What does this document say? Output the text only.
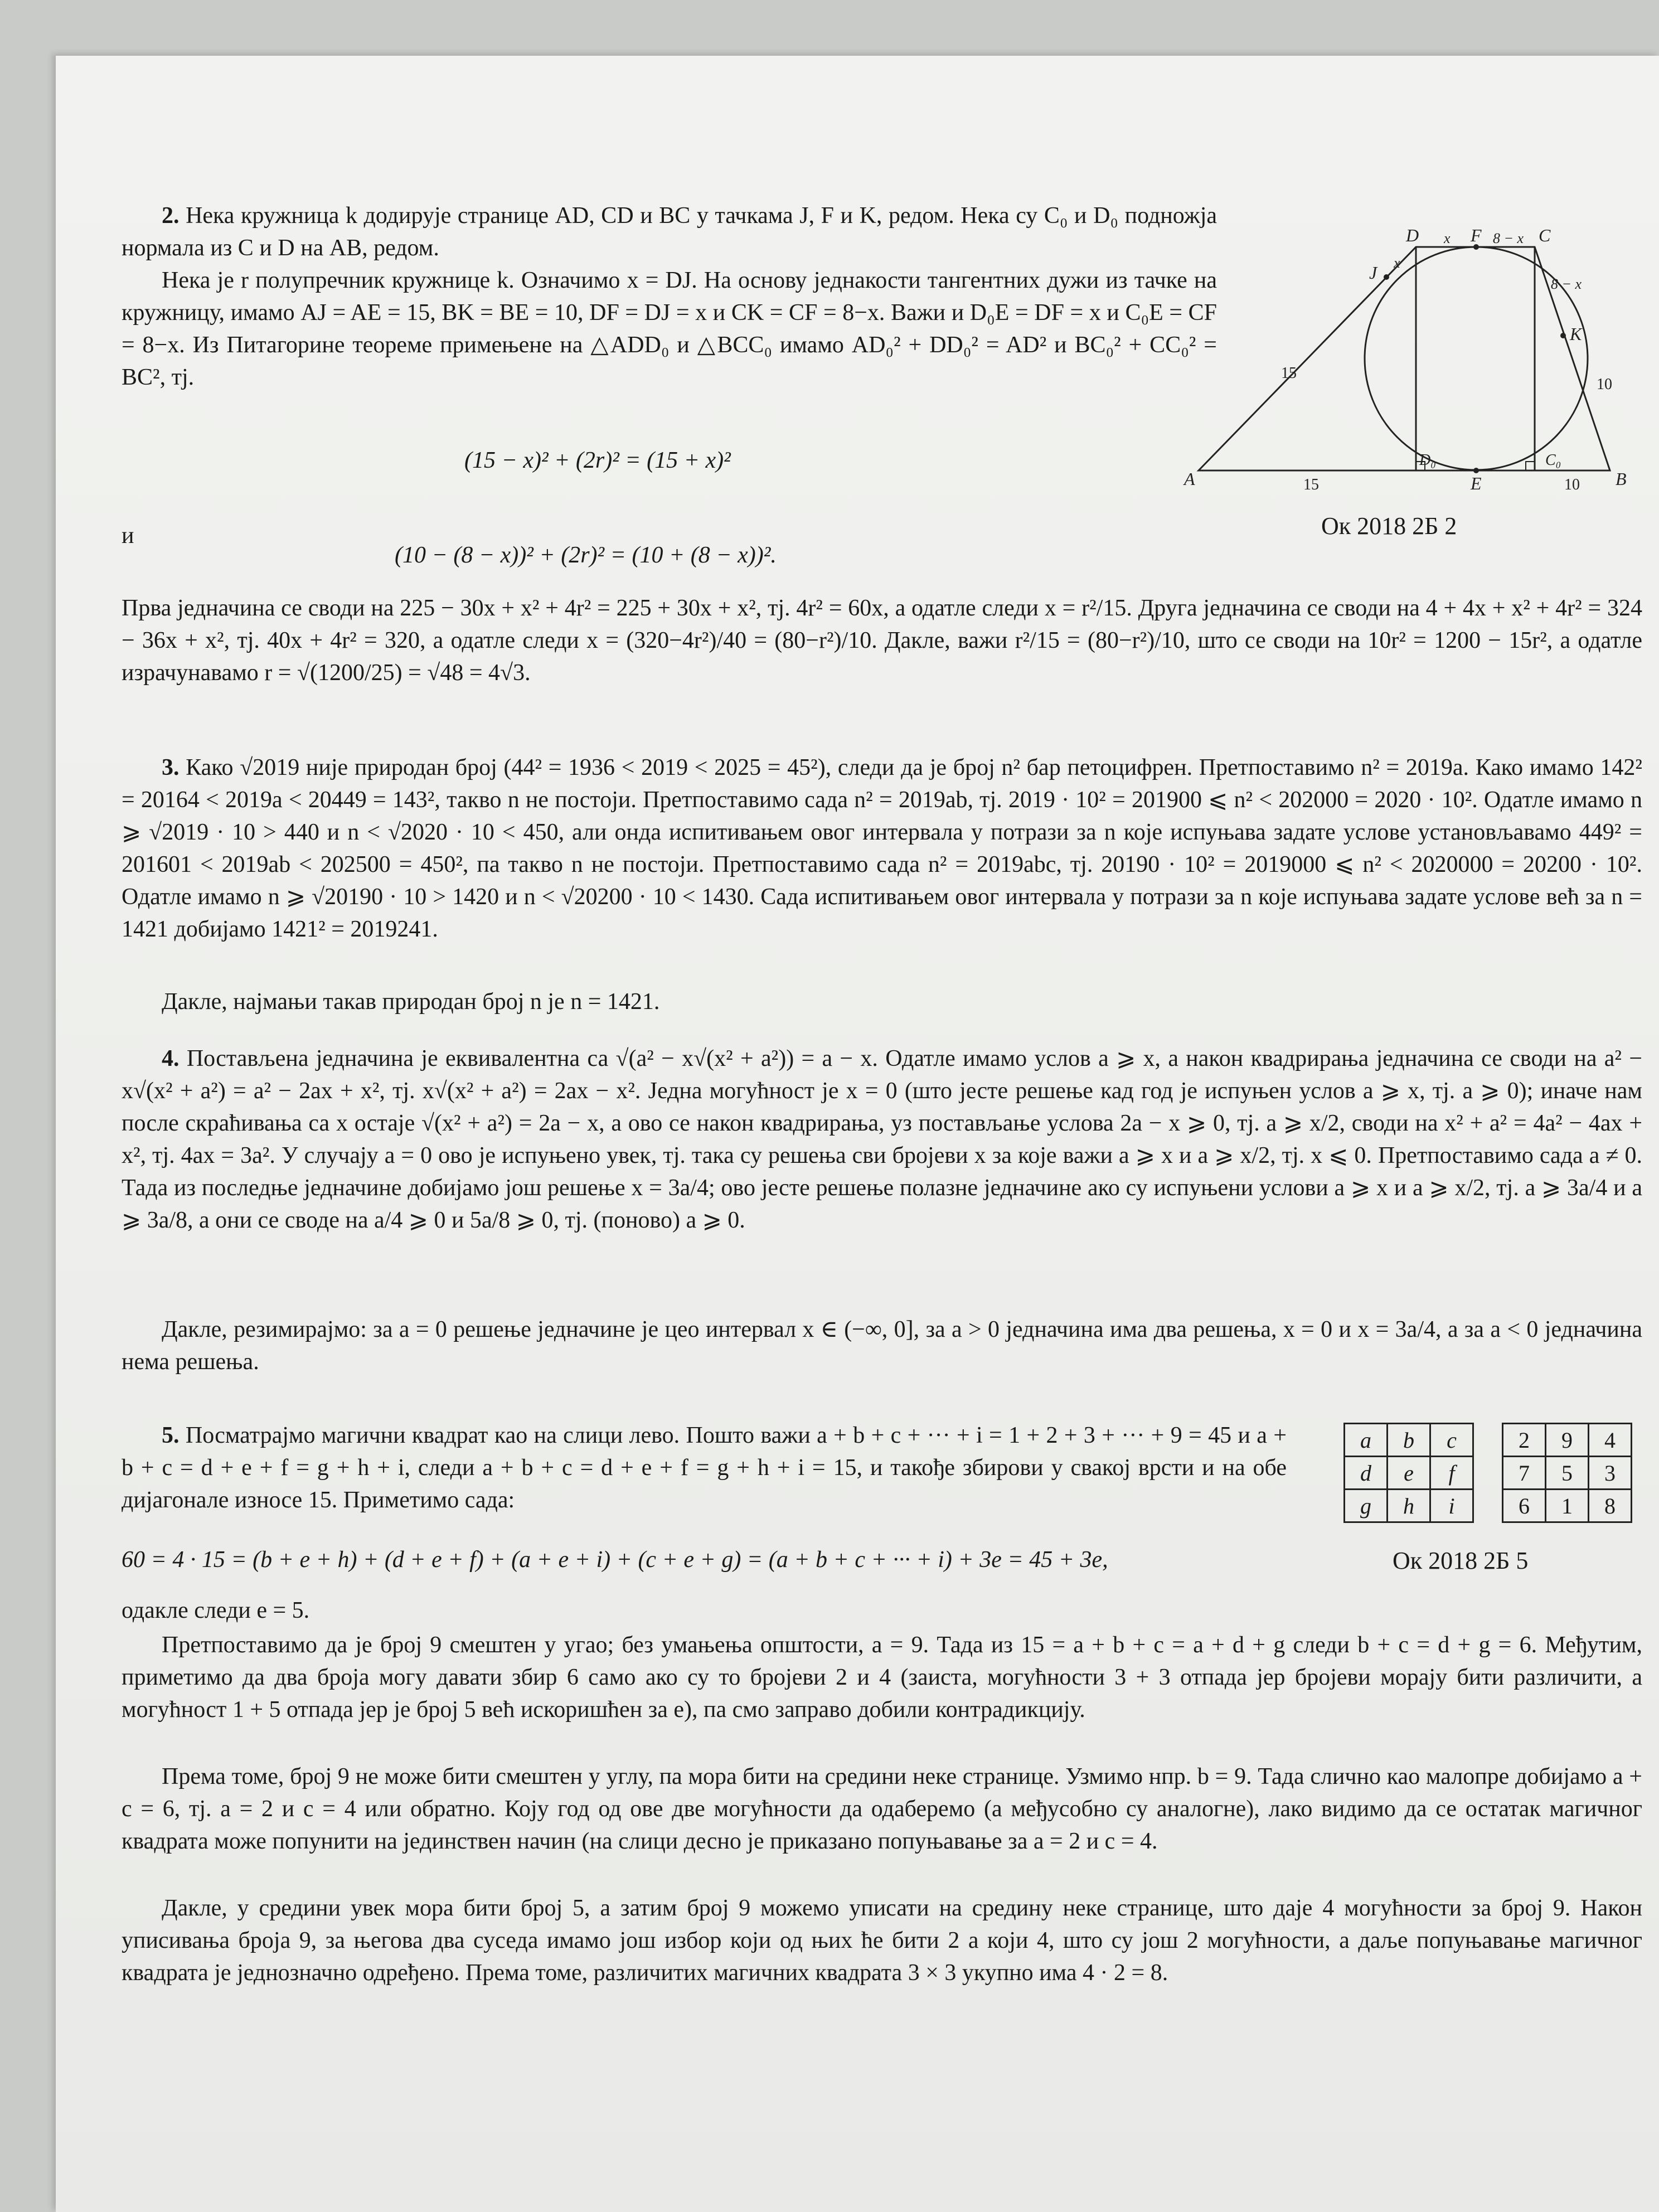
2. Нека кружница k додирује странице AD, CD и BC у тачкама J, F и K, редом. Нека су C₀ и D₀ подножја нормала из C и D на AB, редом.
Нека је r полупречник кружнице k. Означимо x = DJ. На основу једнакости тангентних дужи из тачке на кружницу, имамо AJ = AE = 15, BK = BE = 10, DF = DJ = x и CK = CF = 8−x. Важи и D₀E = DF = x и C₀E = CF = 8−x. Из Питагорине теореме примењене на △ADD₀ и △BCC₀ имамо AD₀² + DD₀² = AD² и BC₀² + CC₀² = BC², тј.
(15 − x)² + (2r)² = (15 + x)²
и
(10 − (8 − x))² + (2r)² = (10 + (8 − x))².
Прва једначина се своди на 225 − 30x + x² + 4r² = 225 + 30x + x², тј. 4r² = 60x, а одатле следи x = r²/15. Друга једначина се своди на 4 + 4x + x² + 4r² = 324 − 36x + x², тј. 40x + 4r² = 320, а одатле следи x = (320−4r²)/40 = (80−r²)/10. Дакле, важи r²/15 = (80−r²)/10, што се своди на 10r² = 1200 − 15r², а одатле израчунавамо r = √(1200/25) = √48 = 4√3.
A	B
C
D
E
F
J
K
D₀	C₀
x
x	8 − x
8 − x
15
10
15	10
Ок 2018 2Б 2
3. Како √2019 није природан број (44² = 1936 < 2019 < 2025 = 45²), следи да је број n² бар петоцифрен. Претпоставимо n² = 2019a. Како имамо 142² = 20164 < 2019a < 20449 = 143², такво n не постоји. Претпоставимо сада n² = 2019ab, тј. 2019 · 10² = 201900 ⩽ n² < 202000 = 2020 · 10². Одатле имамо n ⩾ √2019 · 10 > 440 и n < √2020 · 10 < 450, али онда испитивањем овог интервала у потрази за n које испуњава задате услове установљавамо 449² = 201601 < 2019ab < 202500 = 450², па такво n не постоји. Претпоставимо сада n² = 2019abc, тј. 20190 · 10² = 2019000 ⩽ n² < 2020000 = 20200 · 10². Одатле имамо n ⩾ √20190 · 10 > 1420 и n < √20200 · 10 < 1430. Сада испитивањем овог интервала у потрази за n које испуњава задате услове већ за n = 1421 добијамо 1421² = 2019241.
Дакле, најмањи такав природан број n је n = 1421.
4. Постављена једначина је еквивалентна са √(a² − x√(x² + a²)) = a − x. Одатле имамо услов a ⩾ x, а након квадрирања једначина се своди на a² − x√(x² + a²) = a² − 2ax + x², тј. x√(x² + a²) = 2ax − x². Једна могућност је x = 0 (што јесте решење кад год је испуњен услов a ⩾ x, тј. a ⩾ 0); иначе нам после скраћивања са x остаје √(x² + a²) = 2a − x, а ово се након квадрирања, уз постављање услова 2a − x ⩾ 0, тј. a ⩾ x/2, своди на x² + a² = 4a² − 4ax + x², тј. 4ax = 3a². У случају a = 0 ово је испуњено увек, тј. така су решења сви бројеви x за које важи a ⩾ x и a ⩾ x/2, тј. x ⩽ 0. Претпоставимо сада a ≠ 0. Тада из последње једначине добијамо још решење x = 3a/4; ово јесте решење полазне једначине ако су испуњени услови a ⩾ x и a ⩾ x/2, тј. a ⩾ 3a/4 и a ⩾ 3a/8, а они се своде на a/4 ⩾ 0 и 5a/8 ⩾ 0, тј. (поново) a ⩾ 0.
Дакле, резимирајмо: за a = 0 решење једначине је цео интервал x ∈ (−∞, 0], за a > 0 једначина има два решења, x = 0 и x = 3a/4, а за a < 0 једначина нема решења.
5. Посматрајмо магични квадрат као на слици лево. Пошто важи a + b + c + ··· + i = 1 + 2 + 3 + ··· + 9 = 45 и a + b + c = d + e + f = g + h + i, следи a + b + c = d + e + f = g + h + i = 15, и такође збирови у свакој врсти и на обе дијагонале износе 15. Приметимо сада:
a	b	c
d	e	f
g	h	i
2	9	4
7	5	3
6	1	8
60 = 4 · 15 = (b + e + h) + (d + e + f) + (a + e + i) + (c + e + g) = (a + b + c + ··· + i) + 3e = 45 + 3e,	Ок 2018 2Б 5
одакле следи e = 5.
Претпоставимо да је број 9 смештен у угао; без умањења општости, a = 9. Тада из 15 = a + b + c = a + d + g следи b + c = d + g = 6. Међутим, приметимо да два броја могу давати збир 6 само ако су то бројеви 2 и 4 (заиста, могућности 3 + 3 отпада јер бројеви морају бити различити, а могућност 1 + 5 отпада јер је број 5 већ искоришћен за e), па смо заправо добили контрадикцију.
Према томе, број 9 не може бити смештен у углу, па мора бити на средини неке странице. Узмимо нпр. b = 9. Тада слично као малопре добијамо a + c = 6, тј. a = 2 и c = 4 или обратно. Коју год од ове две могућности да одаберемо (а међусобно су аналогне), лако видимо да се остатак магичног квадрата може попунити на јединствен начин (на слици десно је приказано попуњавање за a = 2 и c = 4.
Дакле, у средини увек мора бити број 5, а затим број 9 можемо уписати на средину неке странице, што даје 4 могућности за број 9. Након уписивања броја 9, за његова два суседа имамо још избор који од њих ће бити 2 а који 4, што су још 2 могућности, а даље попуњавање магичног квадрата је једнозначно одређено. Према томе, различитих магичних квадрата 3 × 3 укупно има 4 · 2 = 8.
